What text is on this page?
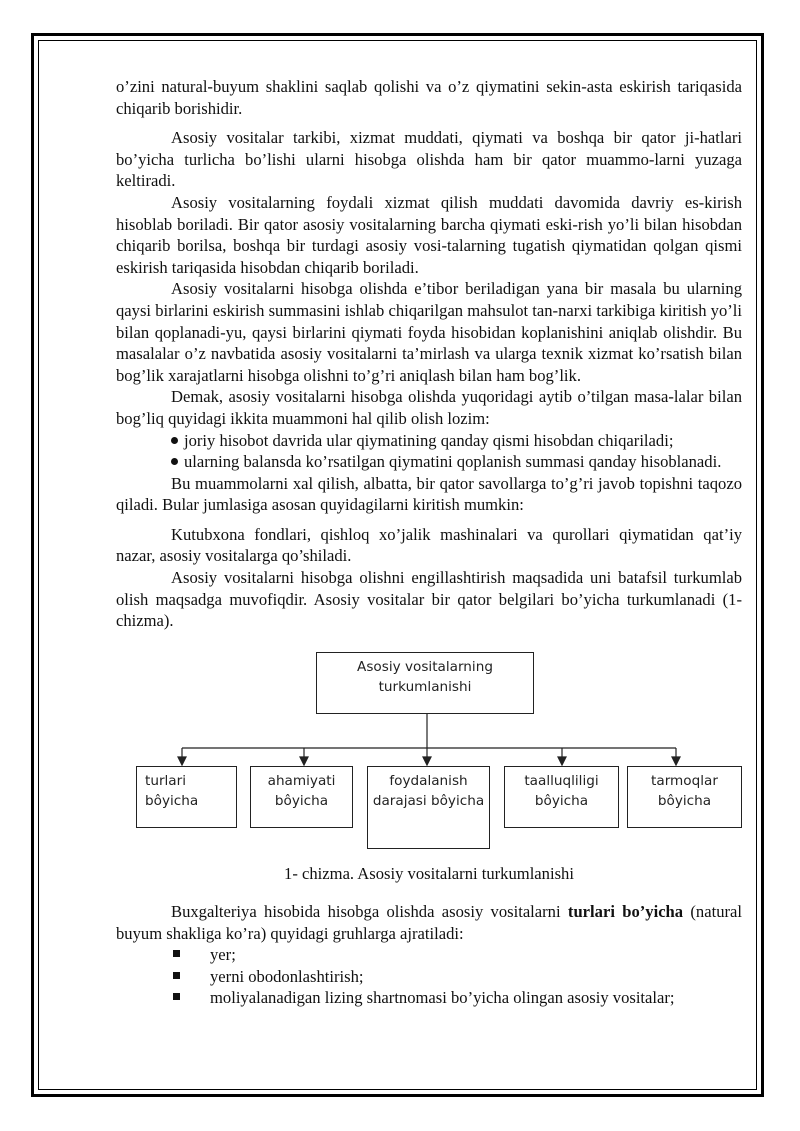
o’zini natural-buyum shaklini saqlab qolishi va o’z qiymatini sekin-asta eskirish tariqasida chiqarib borishidir.

Asosiy vositalar tarkibi, xizmat muddati, qiymati va boshqa bir qator ji-hatlari bo’yicha turlicha bo’lishi ularni hisobga olishda ham bir qator muammo-larni yuzaga keltiradi.

Asosiy vositalarning foydali xizmat qilish muddati davomida davriy es-kirish hisoblab boriladi. Bir qator asosiy vositalarning barcha qiymati eski-rish yo’li bilan hisobdan chiqarib borilsa, boshqa bir turdagi asosiy vosi-talarning tugatish qiymatidan qolgan qismi eskirish tariqasida hisobdan chiqarib boriladi.

Asosiy vositalarni hisobga olishda e’tibor beriladigan yana bir masala bu ularning qaysi birlarini eskirish summasini ishlab chiqarilgan mahsulot tan-narxi tarkibiga kiritish yo’li bilan qoplanadi-yu, qaysi birlarini qiymati foyda hisobidan koplanishini aniqlab olishdir. Bu masalalar o’z navbatida asosiy vositalarni ta’mirlash va ularga texnik xizmat ko’rsatish bilan bog’lik xarajatlarni hisobga olishni to’g’ri aniqlash bilan ham bog’lik.

Demak, asosiy vositalarni hisobga olishda yuqoridagi aytib o’tilgan masa-lalar bilan bog’liq quyidagi ikkita muammoni hal qilib olish lozim:

joriy hisobot davrida ular qiymatining qanday qismi hisobdan chiqariladi;

ularning balansda ko’rsatilgan qiymatini qoplanish summasi qanday hisoblanadi.

Bu muammolarni xal qilish, albatta, bir qator savollarga to’g’ri javob topishni taqozo qiladi. Bular jumlasiga asosan quyidagilarni kiritish mumkin:

Kutubxona fondlari, qishloq xo’jalik mashinalari va qurollari qiymatidan qat’iy nazar, asosiy vositalarga qo’shiladi.

Asosiy vositalarni hisobga olishni engillashtirish maqsadida uni batafsil turkumlab olish maqsadga muvofiqdir. Asosiy vositalar bir qator belgilari bo’yicha turkumlanadi (1- chizma).

Asosiy vositalarning turkumlanishi
turlari bо̂yicha
ahamiyati bо̂yicha
foydalanish darajasi bо̂yicha
taalluqliligi bо̂yicha
tarmoqlar bо̂yicha

1- chizma. Asosiy vositalarni turkumlanishi

Buxgalteriya hisobida hisobga olishda asosiy vositalarni turlari bo’yicha (natural buyum shakliga ko’ra) quyidagi gruhlarga ajratiladi:

yer;
yerni obodonlashtirish;
moliyalanadigan lizing shartnomasi bo’yicha olingan asosiy vositalar;
